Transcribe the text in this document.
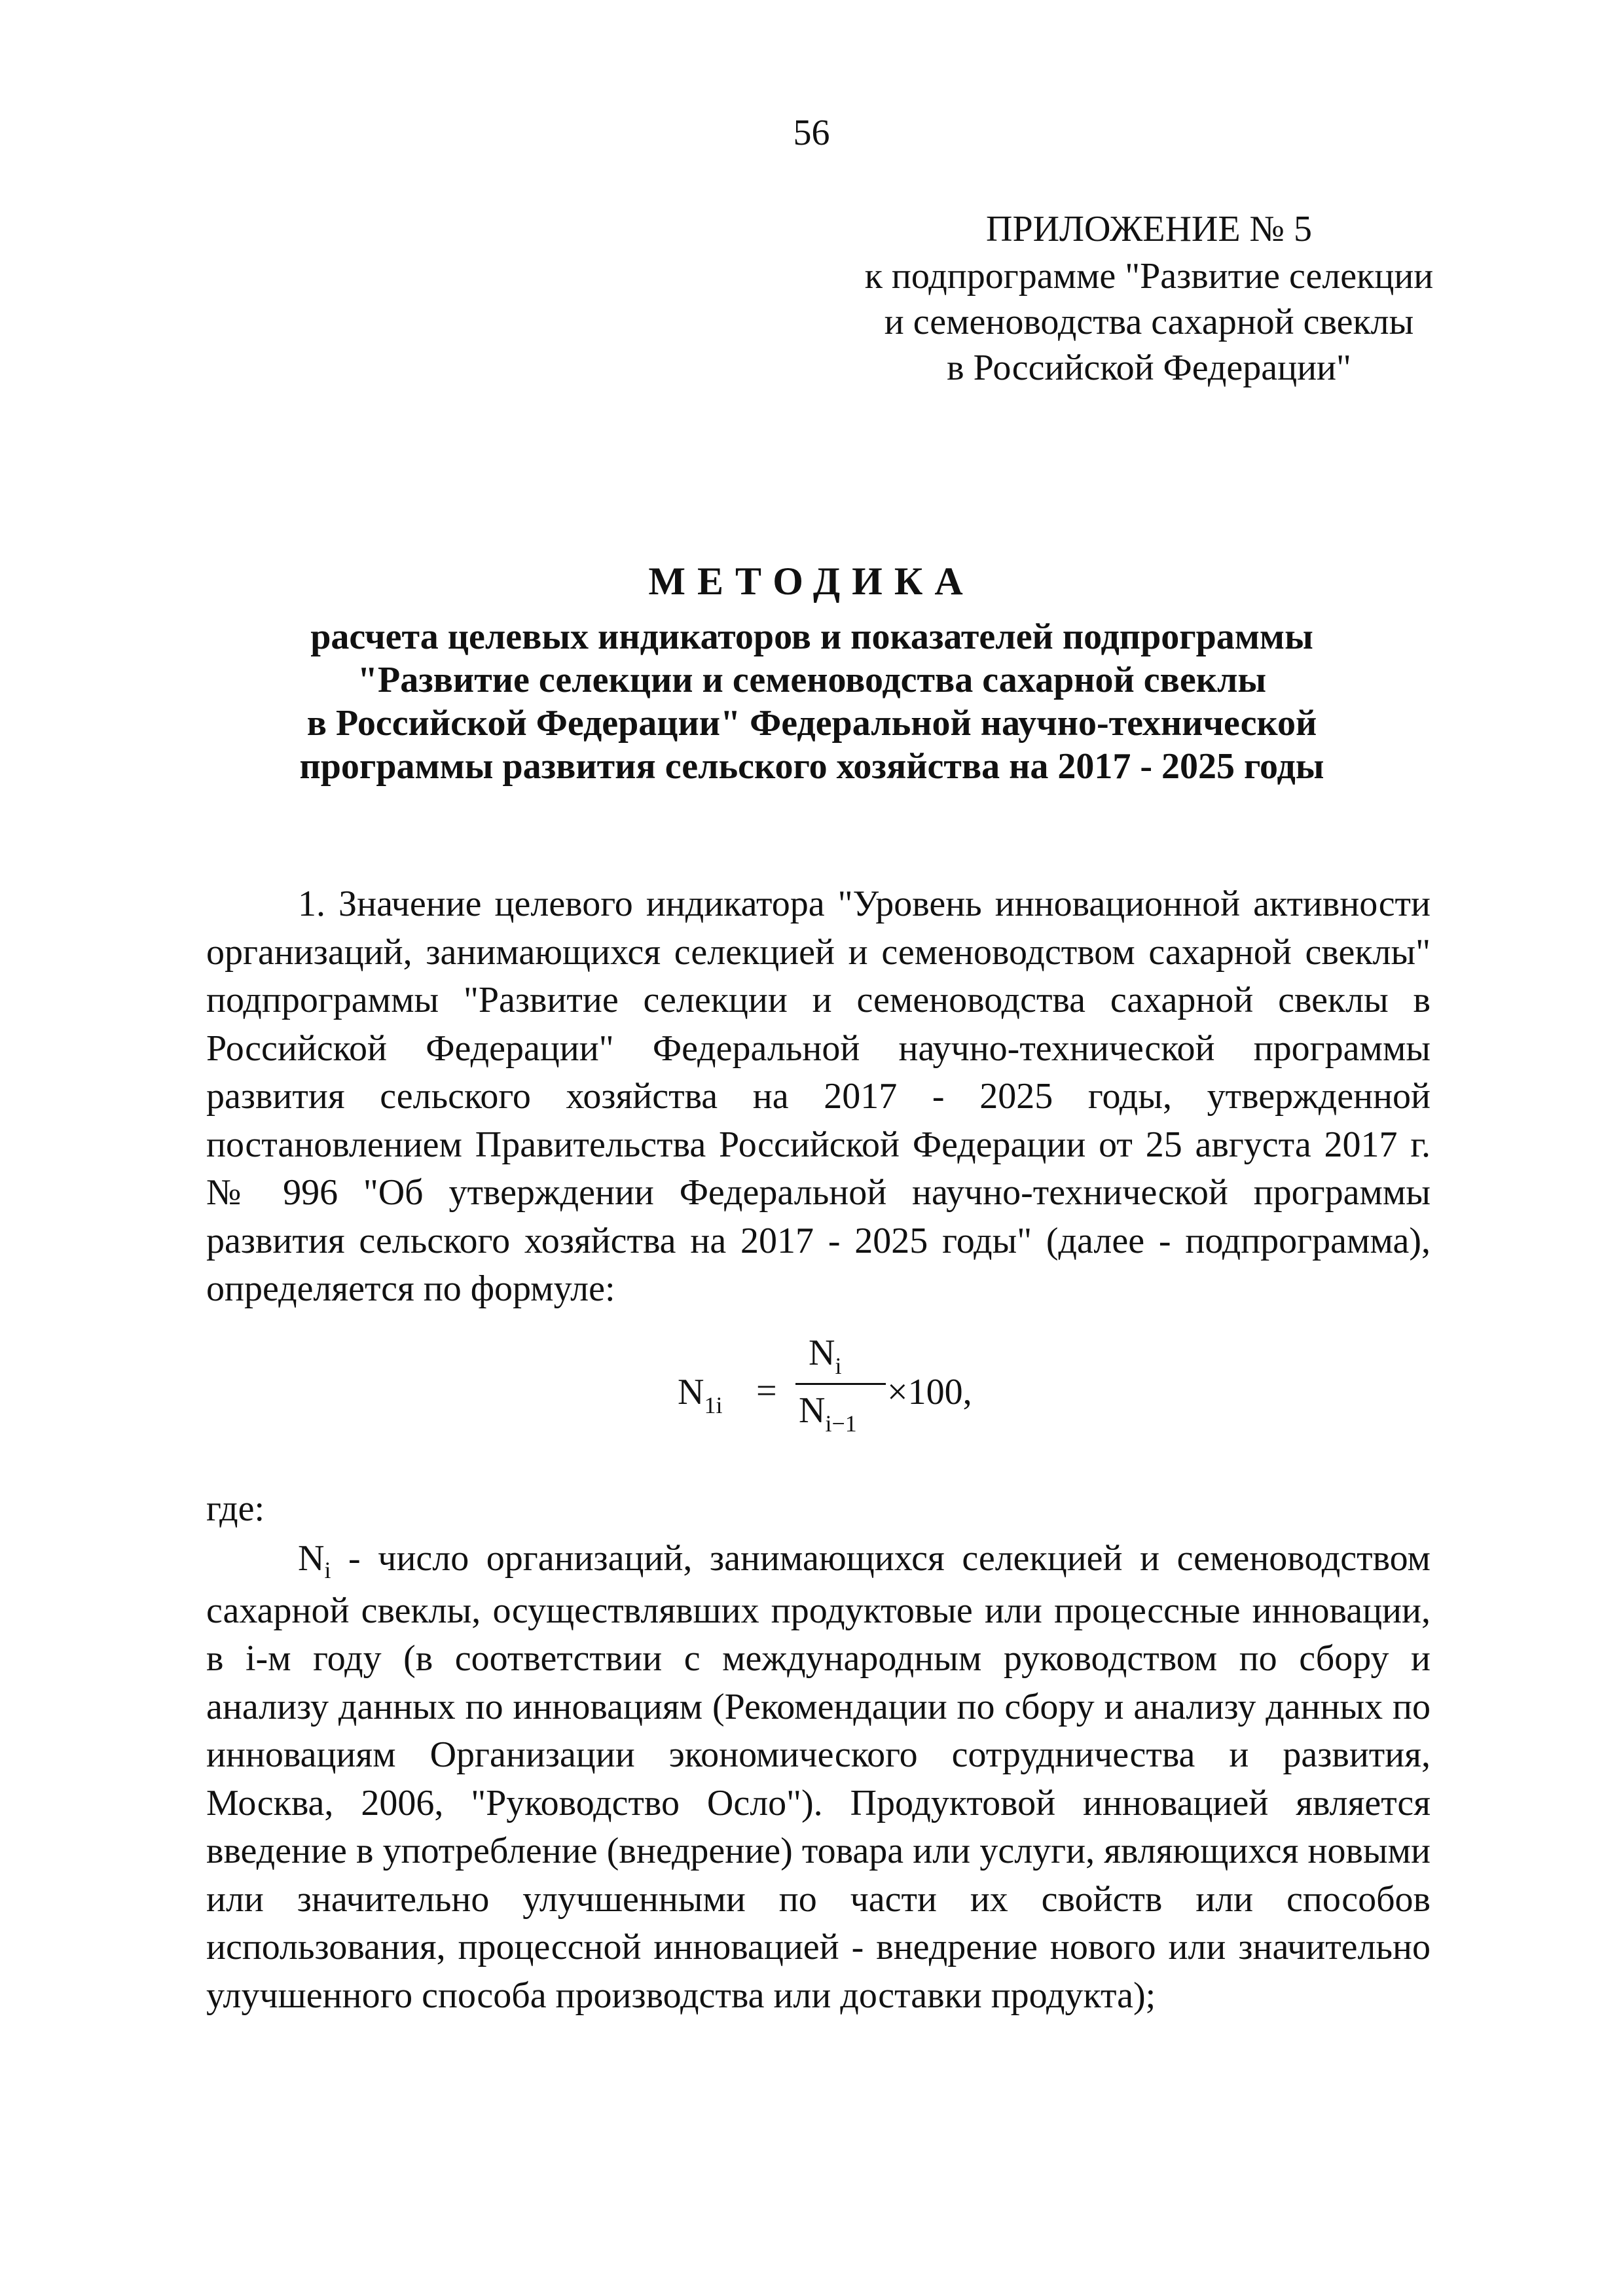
56
ПРИЛОЖЕНИЕ № 5
к подпрограмме "Развитие селекции
и семеноводства сахарной свеклы
в Российской Федерации"
МЕТОДИКА
расчета целевых индикаторов и показателей подпрограммы
"Развитие селекции и семеноводства сахарной свеклы
в Российской Федерации" Федеральной научно-технической
программы развития сельского хозяйства на 2017 - 2025 годы
1. Значение целевого индикатора "Уровень инновационной активности организаций, занимающихся селекцией и семеноводством сахарной свеклы" подпрограммы "Развитие селекции и семеноводства сахарной свеклы в Российской Федерации" Федеральной научно-технической программы развития сельского хозяйства на 2017 - 2025 годы, утвержденной постановлением Правительства Российской Федерации от 25 августа 2017 г. № 996 "Об утверждении Федеральной научно-технической программы развития сельского хозяйства на 2017 - 2025 годы" (далее - подпрограмма), определяется по формуле:
$N_{1i}$ =
$N_i$
$N_{i-1}$
×100,
где:
$N_i$ - число организаций, занимающихся селекцией и семеноводством сахарной свеклы, осуществлявших продуктовые или процессные инновации, в i-м году (в соответствии с международным руководством по сбору и анализу данных по инновациям (Рекомендации по сбору и анализу данных по инновациям Организации экономического сотрудничества и развития, Москва, 2006, "Руководство Осло"). Продуктовой инновацией является введение в употребление (внедрение) товара или услуги, являющихся новыми или значительно улучшенными по части их свойств или способов использования, процессной инновацией - внедрение нового или значительно улучшенного способа производства или доставки продукта);
